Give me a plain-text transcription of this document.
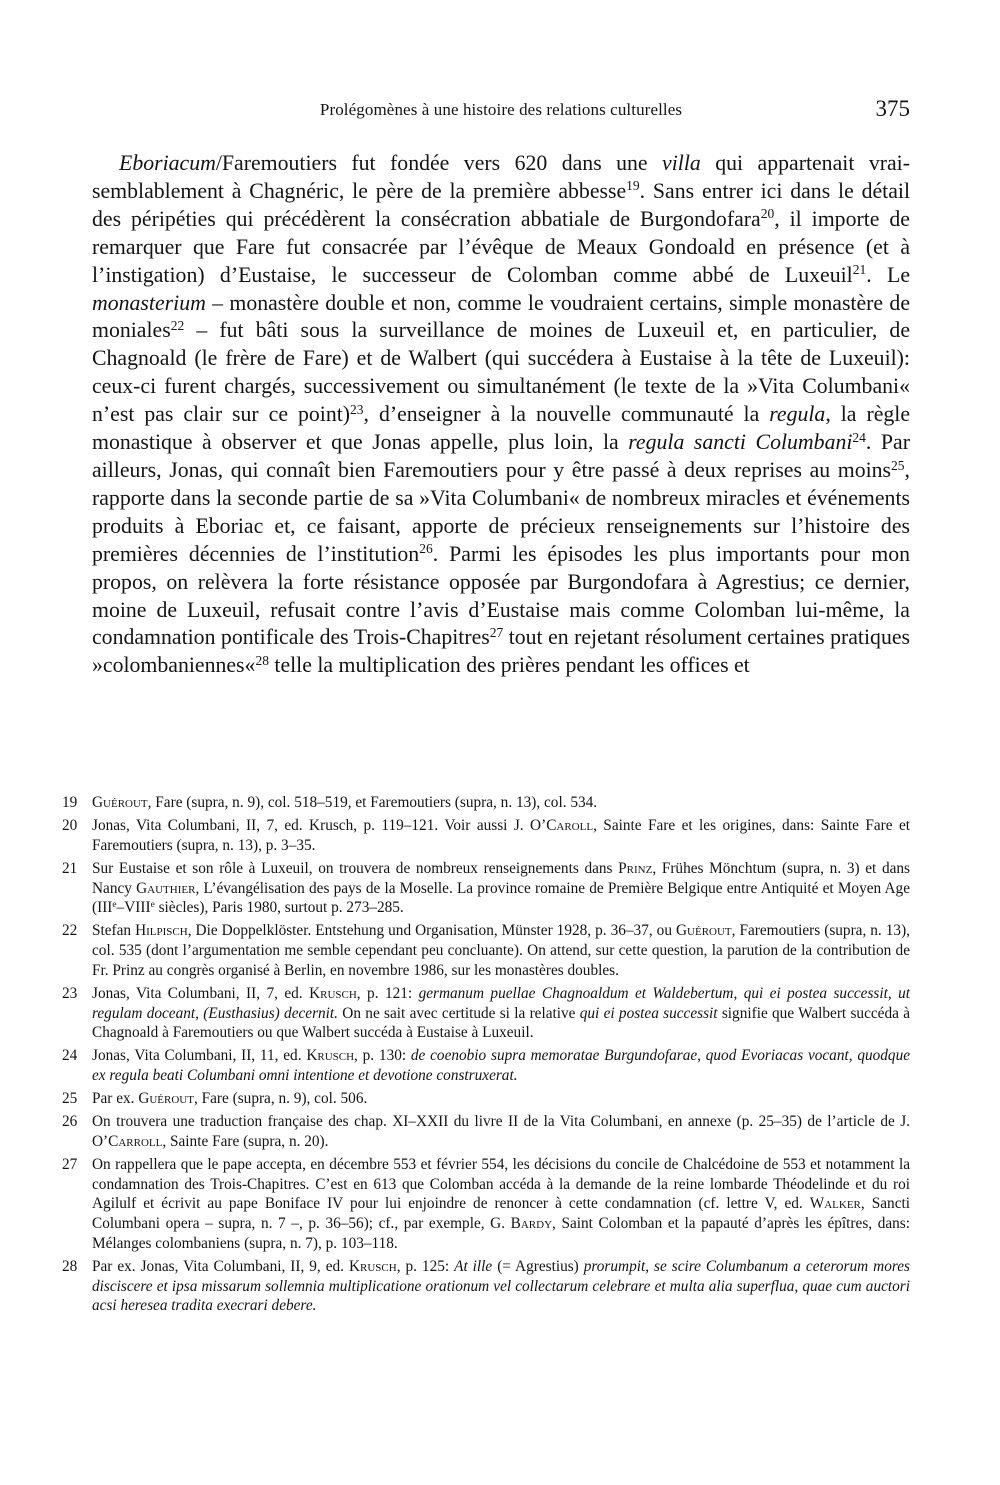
Prolégomènes à une histoire des relations culturelles	375

Eboriacum/Faremoutiers fut fondée vers 620 dans une villa qui appartenait vraisemblablement à Chagnéric, le père de la première abbesse$^{19}$. Sans entrer ici dans le détail des péripéties qui précédèrent la consécration abbatiale de Burgondofara$^{20}$, il importe de remarquer que Fare fut consacrée par l’évêque de Meaux Gondoald en présence (et à l’instigation) d’Eustaise, le successeur de Colomban comme abbé de Luxeuil$^{21}$. Le monasterium – monastère double et non, comme le voudraient certains, simple monastère de moniales$^{22}$ – fut bâti sous la surveillance de moines de Luxeuil et, en particulier, de Chagnoald (le frère de Fare) et de Walbert (qui succédera à Eustaise à la tête de Luxeuil): ceux-ci furent chargés, successivement ou simultanément (le texte de la »Vita Columbani« n’est pas clair sur ce point)$^{23}$, d’enseigner à la nouvelle communauté la regula, la règle monastique à observer et que Jonas appelle, plus loin, la regula sancti Columbani$^{24}$. Par ailleurs, Jonas, qui connaît bien Faremoutiers pour y être passé à deux reprises au moins$^{25}$, rapporte dans la seconde partie de sa »Vita Columbani« de nombreux miracles et événements produits à Eboriac et, ce faisant, apporte de précieux renseignements sur l’histoire des premières décennies de l’institution$^{26}$. Parmi les épisodes les plus importants pour mon propos, on relèvera la forte résistance opposée par Burgondofara à Agrestius; ce dernier, moine de Luxeuil, refusait contre l’avis d’Eustaise mais comme Colomban lui-même, la condamnation pontificale des Trois-Chapitres$^{27}$ tout en rejetant résolument certaines pratiques »colombaniennes«$^{28}$ telle la multiplication des prières pendant les offices et

19 Guérout, Fare (supra, n. 9), col. 518–519, et Faremoutiers (supra, n. 13), col. 534.
20 Jonas, Vita Columbani, II, 7, ed. Krusch, p. 119–121. Voir aussi J. O’Caroll, Sainte Fare et les origines, dans: Sainte Fare et Faremoutiers (supra, n. 13), p. 3–35.
21 Sur Eustaise et son rôle à Luxeuil, on trouvera de nombreux renseignements dans Prinz, Frühes Mönchtum (supra, n. 3) et dans Nancy Gauthier, L’évangélisation des pays de la Moselle. La province romaine de Première Belgique entre Antiquité et Moyen Age (IIIe–VIIIe siècles), Paris 1980, surtout p. 273–285.
22 Stefan Hilpisch, Die Doppelklöster. Entstehung und Organisation, Münster 1928, p. 36–37, ou Guérout, Faremoutiers (supra, n. 13), col. 535 (dont l’argumentation me semble cependant peu concluante). On attend, sur cette question, la parution de la contribution de Fr. Prinz au congrès organisé à Berlin, en novembre 1986, sur les monastères doubles.
23 Jonas, Vita Columbani, II, 7, ed. Krusch, p. 121: germanum puellae Chagnoaldum et Waldebertum, qui ei postea successit, ut regulam doceant, (Eusthasius) decernit. On ne sait avec certitude si la relative qui ei postea successit signifie que Walbert succéda à Chagnoald à Faremoutiers ou que Walbert succéda à Eustaise à Luxeuil.
24 Jonas, Vita Columbani, II, 11, ed. Krusch, p. 130: de coenobio supra memoratae Burgundofarae, quod Evoriacas vocant, quodque ex regula beati Columbani omni intentione et devotione construxerat.
25 Par ex. Guérout, Fare (supra, n. 9), col. 506.
26 On trouvera une traduction française des chap. XI–XXII du livre II de la Vita Columbani, en annexe (p. 25–35) de l’article de J. O’Carroll, Sainte Fare (supra, n. 20).
27 On rappellera que le pape accepta, en décembre 553 et février 554, les décisions du concile de Chalcédoine de 553 et notamment la condamnation des Trois-Chapitres. C’est en 613 que Colomban accéda à la demande de la reine lombarde Théodelinde et du roi Agilulf et écrivit au pape Boniface IV pour lui enjoindre de renoncer à cette condamnation (cf. lettre V, ed. Walker, Sancti Columbani opera – supra, n. 7 –, p. 36–56); cf., par exemple, G. Bardy, Saint Colomban et la papauté d’après les épîtres, dans: Mélanges colombaniens (supra, n. 7), p. 103–118.
28 Par ex. Jonas, Vita Columbani, II, 9, ed. Krusch, p. 125: At ille (= Agrestius) prorumpit, se scire Columbanum a ceterorum mores disciscere et ipsa missarum sollemnia multiplicatione orationum vel collectarum celebrare et multa alia superflua, quae cum auctori acsi heresea tradita execrari debere.
